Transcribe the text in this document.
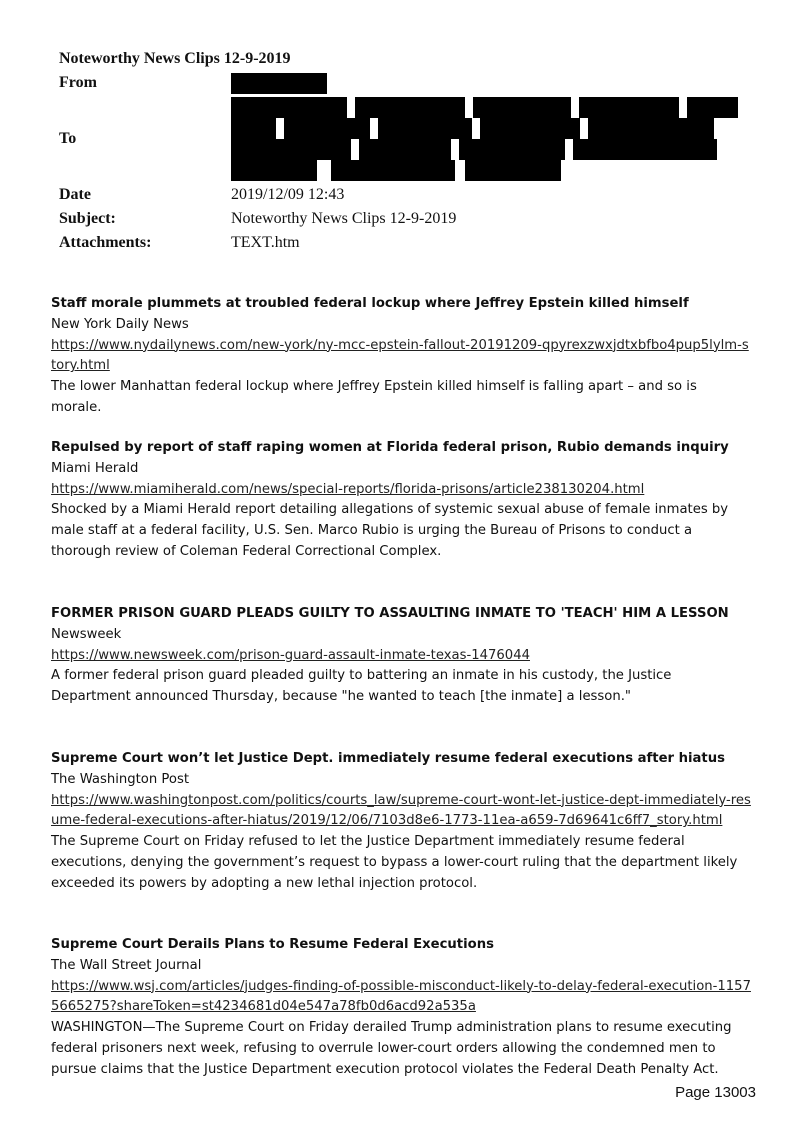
Noteworthy News Clips 12-9-2019
From
To
Date	2019/12/09 12:43
Subject:	Noteworthy News Clips 12-9-2019
Attachments:	TEXT.htm
Staff morale plummets at troubled federal lockup where Jeffrey Epstein killed himself
New York Daily News
https://www.nydailynews.com/new-york/ny-mcc-epstein-fallout-20191209-qpyrexzwxjdtxbfbo4pup5lylm-story.html
The lower Manhattan federal lockup where Jeffrey Epstein killed himself is falling apart – and so is morale.
Repulsed by report of staff raping women at Florida federal prison, Rubio demands inquiry
Miami Herald
https://www.miamiherald.com/news/special-reports/florida-prisons/article238130204.html
Shocked by a Miami Herald report detailing allegations of systemic sexual abuse of female inmates by male staff at a federal facility, U.S. Sen. Marco Rubio is urging the Bureau of Prisons to conduct a thorough review of Coleman Federal Correctional Complex.
FORMER PRISON GUARD PLEADS GUILTY TO ASSAULTING INMATE TO 'TEACH' HIM A LESSON
Newsweek
https://www.newsweek.com/prison-guard-assault-inmate-texas-1476044
A former federal prison guard pleaded guilty to battering an inmate in his custody, the Justice Department announced Thursday, because "he wanted to teach [the inmate] a lesson."
Supreme Court won’t let Justice Dept. immediately resume federal executions after hiatus
The Washington Post
https://www.washingtonpost.com/politics/courts_law/supreme-court-wont-let-justice-dept-immediately-resume-federal-executions-after-hiatus/2019/12/06/7103d8e6-1773-11ea-a659-7d69641c6ff7_story.html
The Supreme Court on Friday refused to let the Justice Department immediately resume federal executions, denying the government’s request to bypass a lower-court ruling that the department likely exceeded its powers by adopting a new lethal injection protocol.
Supreme Court Derails Plans to Resume Federal Executions
The Wall Street Journal
https://www.wsj.com/articles/judges-finding-of-possible-misconduct-likely-to-delay-federal-execution-11575665275?shareToken=st4234681d04e547a78fb0d6acd92a535a
WASHINGTON—The Supreme Court on Friday derailed Trump administration plans to resume executing federal prisoners next week, refusing to overrule lower-court orders allowing the condemned men to pursue claims that the Justice Department execution protocol violates the Federal Death Penalty Act.
Page 13003
